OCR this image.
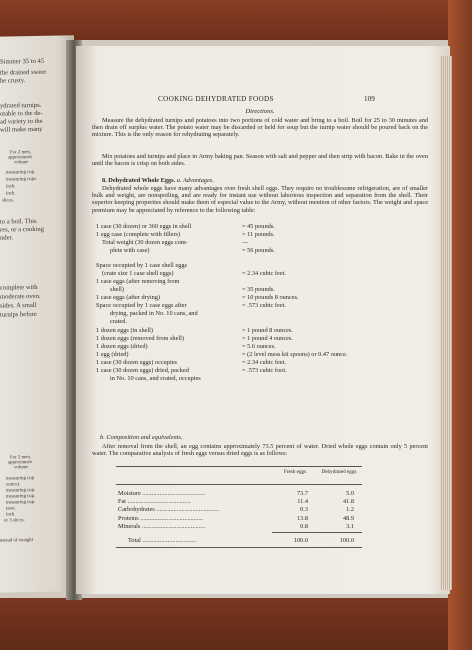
Simmer 35 to 45
the drained sweet
he crusty.
ydrated turnips.
otable to the de-
ad variety to the
will make many
For 2 men,
approximate
volume
measuring cup.
measuring cups.
inch.
inch.
slices.
to a boil. This
res, or a cooking
nder.
complete with
moderate oven.
sides. A small
turnips before
For 2 men,
approximate
volume
measuring cup
ounce).
measuring cup.
measuring cup.
measuring cup.
taste.
inch.
or 3 slices.
nstead of straight
COOKING DEHYDRATED FOODS	109
Directions.
Measure the dehydrated turnips and potatoes into two portions of cold water and bring to a boil. Boil for 25 to 30 minutes and then drain off surplus water. The potato water may be discarded or held for soup but the turnip water should be poured back on the mixture. This is the only reason for rehydrating separately.
Mix potatoes and turnips and place in Army baking pan. Season with salt and pepper and then strip with bacon. Bake in the oven until the bacon is crisp on both sides.
8. Dehydrated Whole Eggs. a. Advantages.
Dehydrated whole eggs have many advantages over fresh shell eggs. They require no troublesome refrigeration, are of smaller bulk and weight, are nonspoiling, and are ready for instant use without laborious inspection and separation from the shell. Their superior keeping properties should make them of especial value to the Army, without mention of other factors. The weight and space premium may be appreciated by reference to the following table:
1 case (30 dozen) or 360 eggs in shell	= 45 pounds.
1 egg case (complete with fillers)	= 11 pounds.
Total weight (30 dozen eggs com-	—
plete with case)	= 56 pounds.
Space occupied by 1 case shell eggs
(crate size 1 case shell eggs)	= 2.34 cubic feet.
1 case eggs (after removing from
shell)	= 35 pounds.
1 case eggs (after drying)	= 10 pounds 8 ounces.
Space occupied by 1 case eggs after	= .573 cubic feet.
drying, packed in No. 10 cans, and
crated.
1 dozen eggs (in shell)	= 1 pound 8 ounces.
1 dozen eggs (removed from shell)	= 1 pound 4 ounces.
1 dozen eggs (dried)	= 5.6 ounces.
1 egg (dried)	= (2 level mess kit spoons) or 0.47 ounce.
1 case (30 dozen eggs) occupies	= 2.34 cubic feet.
1 case (30 dozen eggs) dried, packed	= .573 cubic foot.
in No. 10 cans, and crated, occupies
b. Composition and equivalents.
After removal from the shell, an egg contains approximately 73.5 percent of water. Dried whole eggs contain only 5 percent water. The comparative analysis of fresh eggs versus dried eggs is as follows:
Fresh eggs	Dehydrated eggs
Moisture ........................................	73.7	5.0
Fat ........................................	11.4	41.8
Carbohydrates ........................................	0.3	1.2
Proteins ........................................	13.8	48.9
Minerals ........................................	0.8	3.1
Total ..................................	100.0	100.0
